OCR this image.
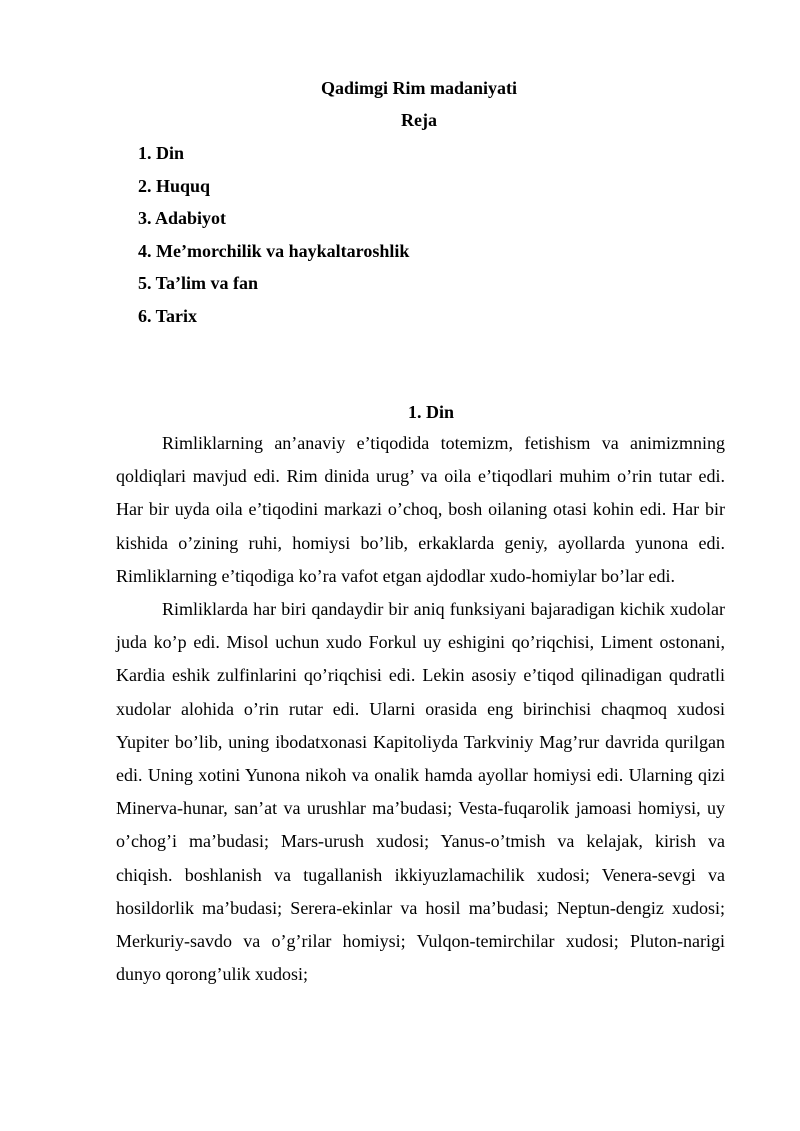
Qadimgi Rim madaniyati
Reja
1. Din
2. Huquq
3. Adabiyot
4. Me’morchilik va haykaltaroshlik
5. Ta’lim va fan
6. Tarix
1. Din

Rimliklarning an’anaviy e’tiqodida totemizm, fetishism va animizmning qoldiqlari mavjud edi. Rim dinida urug’ va oila e’tiqodlari muhim o’rin tutar edi. Har bir uyda oila e’tiqodini markazi o’choq, bosh oilaning otasi kohin edi. Har bir kishida o’zining ruhi, homiysi bo’lib, erkaklarda geniy, ayollarda yunona edi. Rimliklarning e’tiqodiga ko’ra vafot etgan ajdodlar xudo-homiylar bo’lar edi.

Rimliklarda har biri qandaydir bir aniq funksiyani bajaradigan kichik xudolar juda ko’p edi. Misol uchun xudo Forkul uy eshigini qo’riqchisi, Liment ostonani, Kardia eshik zulfinlarini qo’riqchisi edi. Lekin asosiy e’tiqod qilinadigan qudratli xudolar alohida o’rin rutar edi. Ularni orasida eng birinchisi chaqmoq xudosi Yupiter bo’lib, uning ibodatxonasi Kapitoliyda Tarkviniy Mag’rur davrida qurilgan edi. Uning xotini Yunona nikoh va onalik hamda ayollar homiysi edi. Ularning qizi Minerva-hunar, san’at va urushlar ma’budasi; Vesta-fuqarolik jamoasi homiysi, uy o’chog’i ma’budasi; Mars-urush xudosi; Yanus-o’tmish va kelajak, kirish va chiqish. boshlanish va tugallanish ikkiyuzlamachilik xudosi; Venera-sevgi va hosildorlik ma’budasi; Serera-ekinlar va hosil ma’budasi; Neptun-dengiz xudosi; Merkuriy-savdo va o’g’rilar homiysi; Vulqon-temirchilar xudosi; Pluton-narigi dunyo qorong’ulik xudosi;
